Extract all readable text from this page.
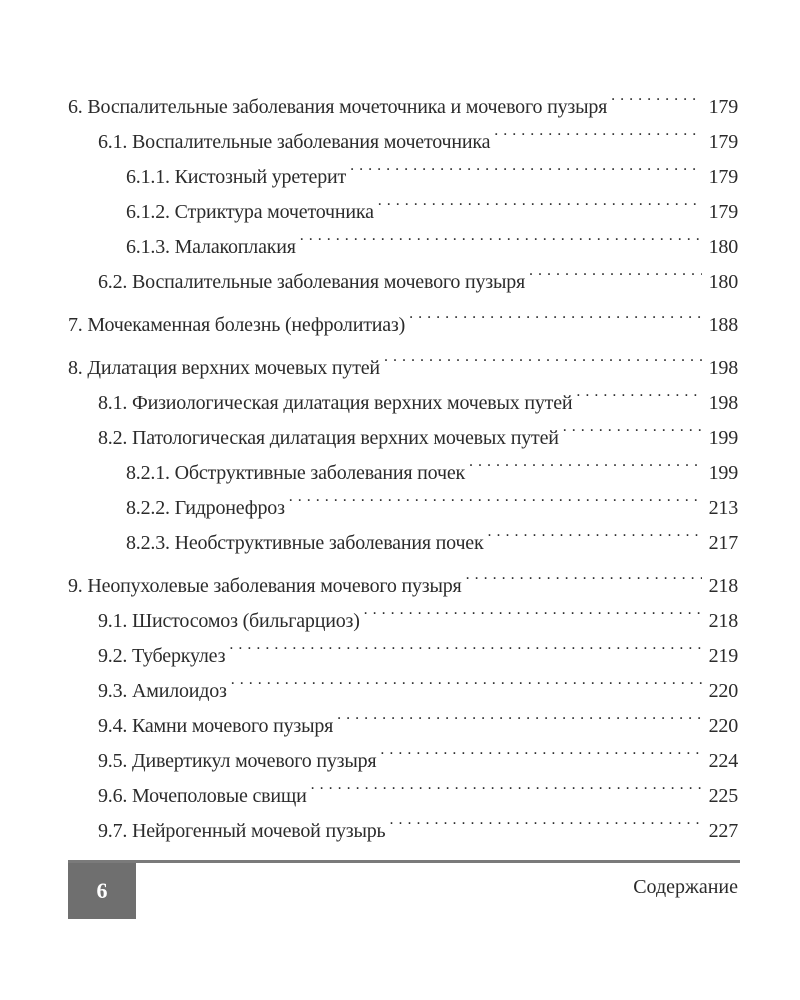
6. Воспалительные заболевания мочеточника и мочевого пузыря . . .	179
6.1. Воспалительные заболевания мочеточника . . .	179
6.1.1. Кистозный уретерит . . .	179
6.1.2. Стриктура мочеточника . . .	179
6.1.3. Малакоплакия . . .	180
6.2. Воспалительные заболевания мочевого пузыря . . .	180
7. Мочекаменная болезнь (нефролитиаз) . . .	188
8. Дилатация верхних мочевых путей . . .	198
8.1. Физиологическая дилатация верхних мочевых путей . . .	198
8.2. Патологическая дилатация верхних мочевых путей . . .	199
8.2.1. Обструктивные заболевания почек . . .	199
8.2.2. Гидронефроз . . .	213
8.2.3. Необструктивные заболевания почек . . .	217
9. Неопухолевые заболевания мочевого пузыря . . .	218
9.1. Шистосомоз (бильгарциоз) . . .	218
9.2. Туберкулез . . .	219
9.3. Амилоидоз . . .	220
9.4. Камни мочевого пузыря . . .	220
9.5. Дивертикул мочевого пузыря . . .	224
9.6. Мочеполовые свищи . . .	225
9.7. Нейрогенный мочевой пузырь . . .	227
6	Содержание
